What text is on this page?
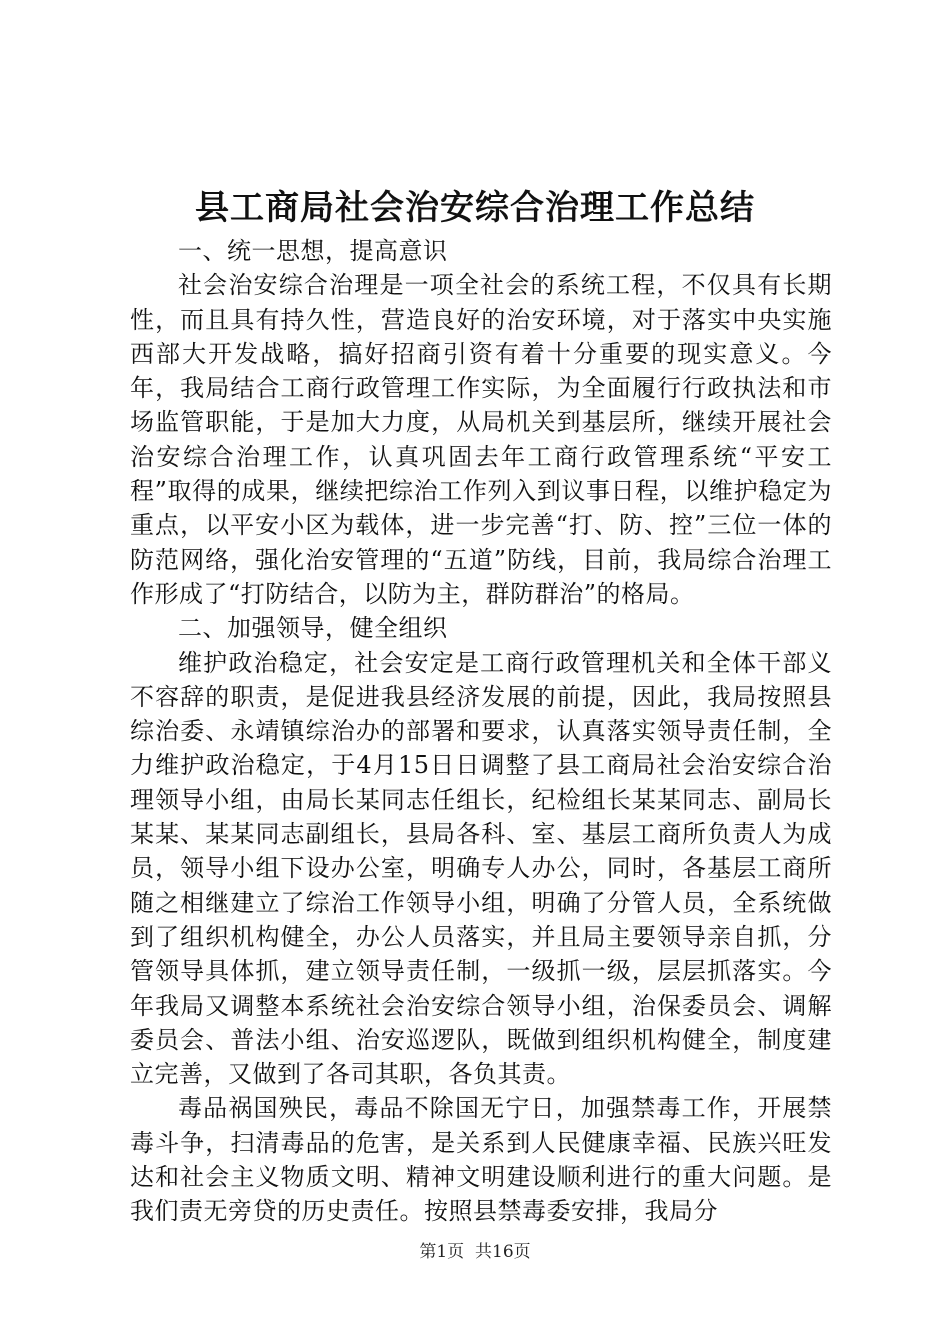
县工商局社会治安综合治理工作总结

一、统一思想，提高意识

社会治安综合治理是一项全社会的系统工程，不仅具有长期性，而且具有持久性，营造良好的治安环境，对于落实中央实施西部大开发战略，搞好招商引资有着十分重要的现实意义。今年，我局结合工商行政管理工作实际，为全面履行行政执法和市场监管职能，于是加大力度，从局机关到基层所，继续开展社会治安综合治理工作，认真巩固去年工商行政管理系统“平安工程”取得的成果，继续把综治工作列入到议事日程，以维护稳定为重点，以平安小区为载体，进一步完善“打、防、控”三位一体的防范网络，强化治安管理的“五道”防线，目前，我局综合治理工作形成了“打防结合，以防为主，群防群治”的格局。

二、加强领导，健全组织

维护政治稳定，社会安定是工商行政管理机关和全体干部义不容辞的职责，是促进我县经济发展的前提，因此，我局按照县综治委、永靖镇综治办的部署和要求，认真落实领导责任制，全力维护政治稳定，于4月15日日调整了县工商局社会治安综合治理领导小组，由局长某同志任组长，纪检组长某某同志、副局长某某、某某同志副组长，县局各科、室、基层工商所负责人为成员，领导小组下设办公室，明确专人办公，同时，各基层工商所随之相继建立了综治工作领导小组，明确了分管人员，全系统做到了组织机构健全，办公人员落实，并且局主要领导亲自抓，分管领导具体抓，建立领导责任制，一级抓一级，层层抓落实。今年我局又调整本系统社会治安综合领导小组，治保委员会、调解委员会、普法小组、治安巡逻队，既做到组织机构健全，制度建立完善，又做到了各司其职，各负其责。

毒品祸国殃民，毒品不除国无宁日，加强禁毒工作，开展禁毒斗争，扫清毒品的危害，是关系到人民健康幸福、民族兴旺发达和社会主义物质文明、精神文明建设顺利进行的重大问题。是我们责无旁贷的历史责任。按照县禁毒委安排，我局分

第1页 共16页
